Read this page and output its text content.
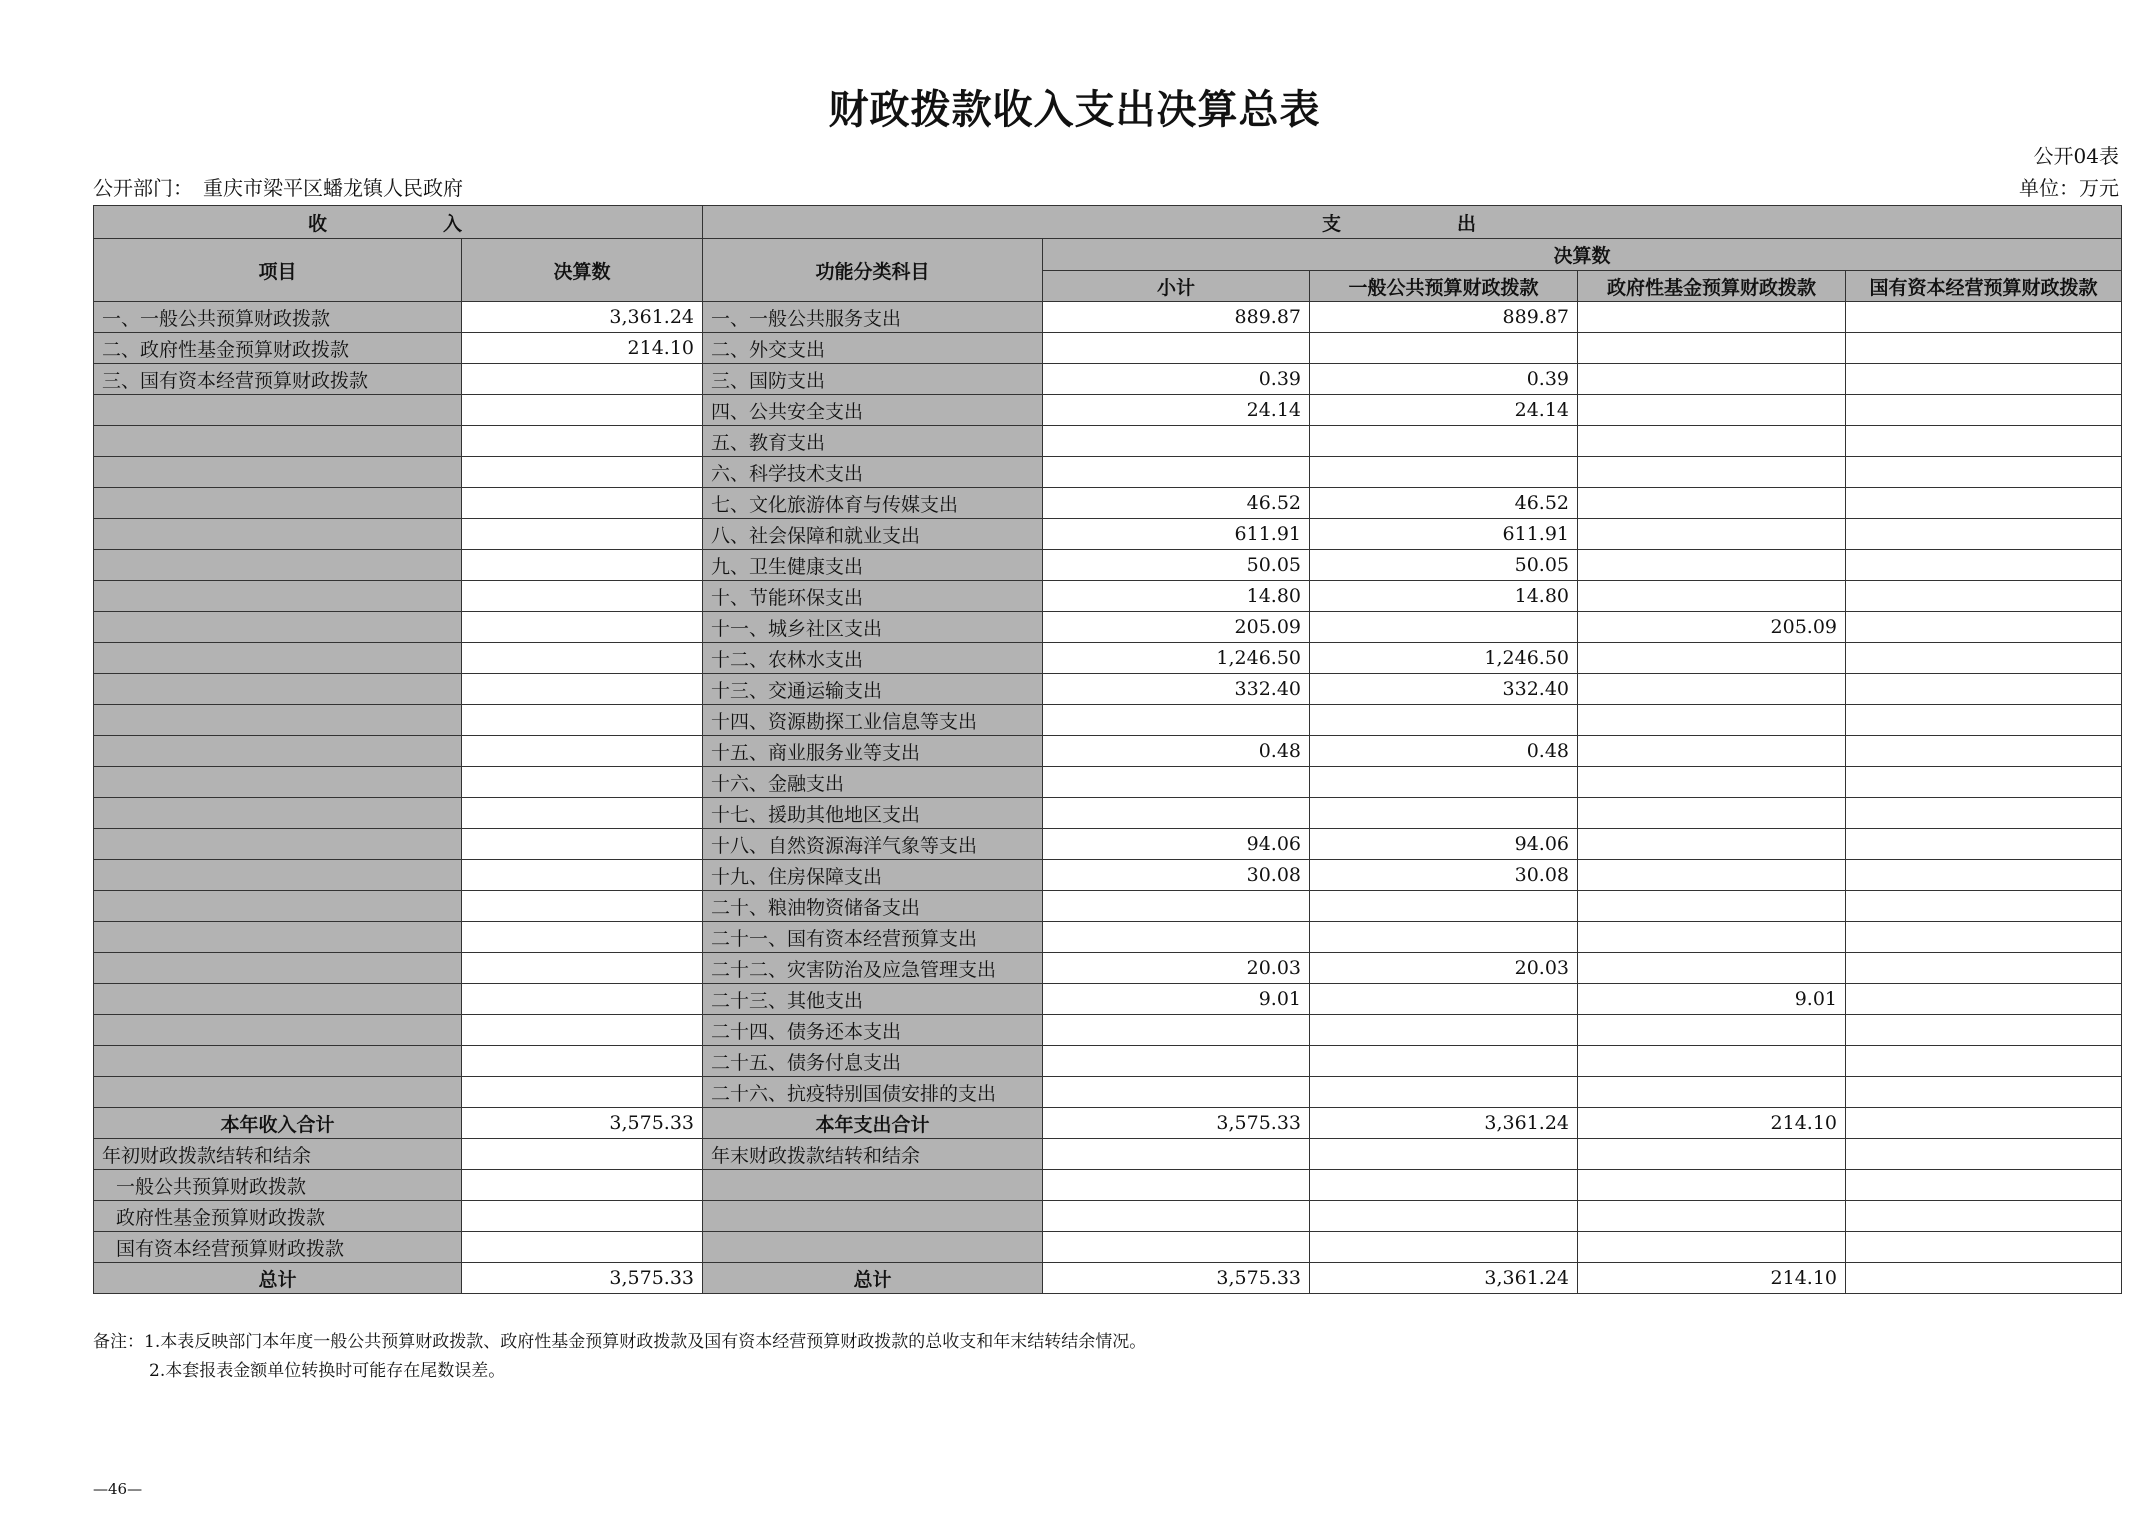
财政拨款收入支出决算总表
公开04表
公开部门：　重庆市梁平区蟠龙镇人民政府	单位：万元
收　　入		支　　出				
项目	决算数	功能分类科目	决算数			
			小计	一般公共预算财政拨款	政府性基金预算财政拨款	国有资本经营预算财政拨款
一、一般公共预算财政拨款	3,361.24	一、一般公共服务支出	889.87	889.87		
二、政府性基金预算财政拨款	214.10	二、外交支出				
三、国有资本经营预算财政拨款		三、国防支出	0.39	0.39		
		四、公共安全支出	24.14	24.14		
		五、教育支出				
		六、科学技术支出				
		七、文化旅游体育与传媒支出	46.52	46.52		
		八、社会保障和就业支出	611.91	611.91		
		九、卫生健康支出	50.05	50.05		
		十、节能环保支出	14.80	14.80		
		十一、城乡社区支出	205.09		205.09	
		十二、农林水支出	1,246.50	1,246.50		
		十三、交通运输支出	332.40	332.40		
		十四、资源勘探工业信息等支出				
		十五、商业服务业等支出	0.48	0.48		
		十六、金融支出				
		十七、援助其他地区支出				
		十八、自然资源海洋气象等支出	94.06	94.06		
		十九、住房保障支出	30.08	30.08		
		二十、粮油物资储备支出				
		二十一、国有资本经营预算支出				
		二十二、灾害防治及应急管理支出	20.03	20.03		
		二十三、其他支出	9.01		9.01	
		二十四、债务还本支出				
		二十五、债务付息支出				
		二十六、抗疫特别国债安排的支出				
本年收入合计	3,575.33	本年支出合计	3,575.33	3,361.24	214.10	
年初财政拨款结转和结余		年末财政拨款结转和结余				
一般公共预算财政拨款						
政府性基金预算财政拨款						
国有资本经营预算财政拨款						
总计	3,575.33	总计	3,575.33	3,361.24	214.10	
备注：1.本表反映部门本年度一般公共预算财政拨款、政府性基金预算财政拨款及国有资本经营预算财政拨款的总收支和年末结转结余情况。
2.本套报表金额单位转换时可能存在尾数误差。
—46—
